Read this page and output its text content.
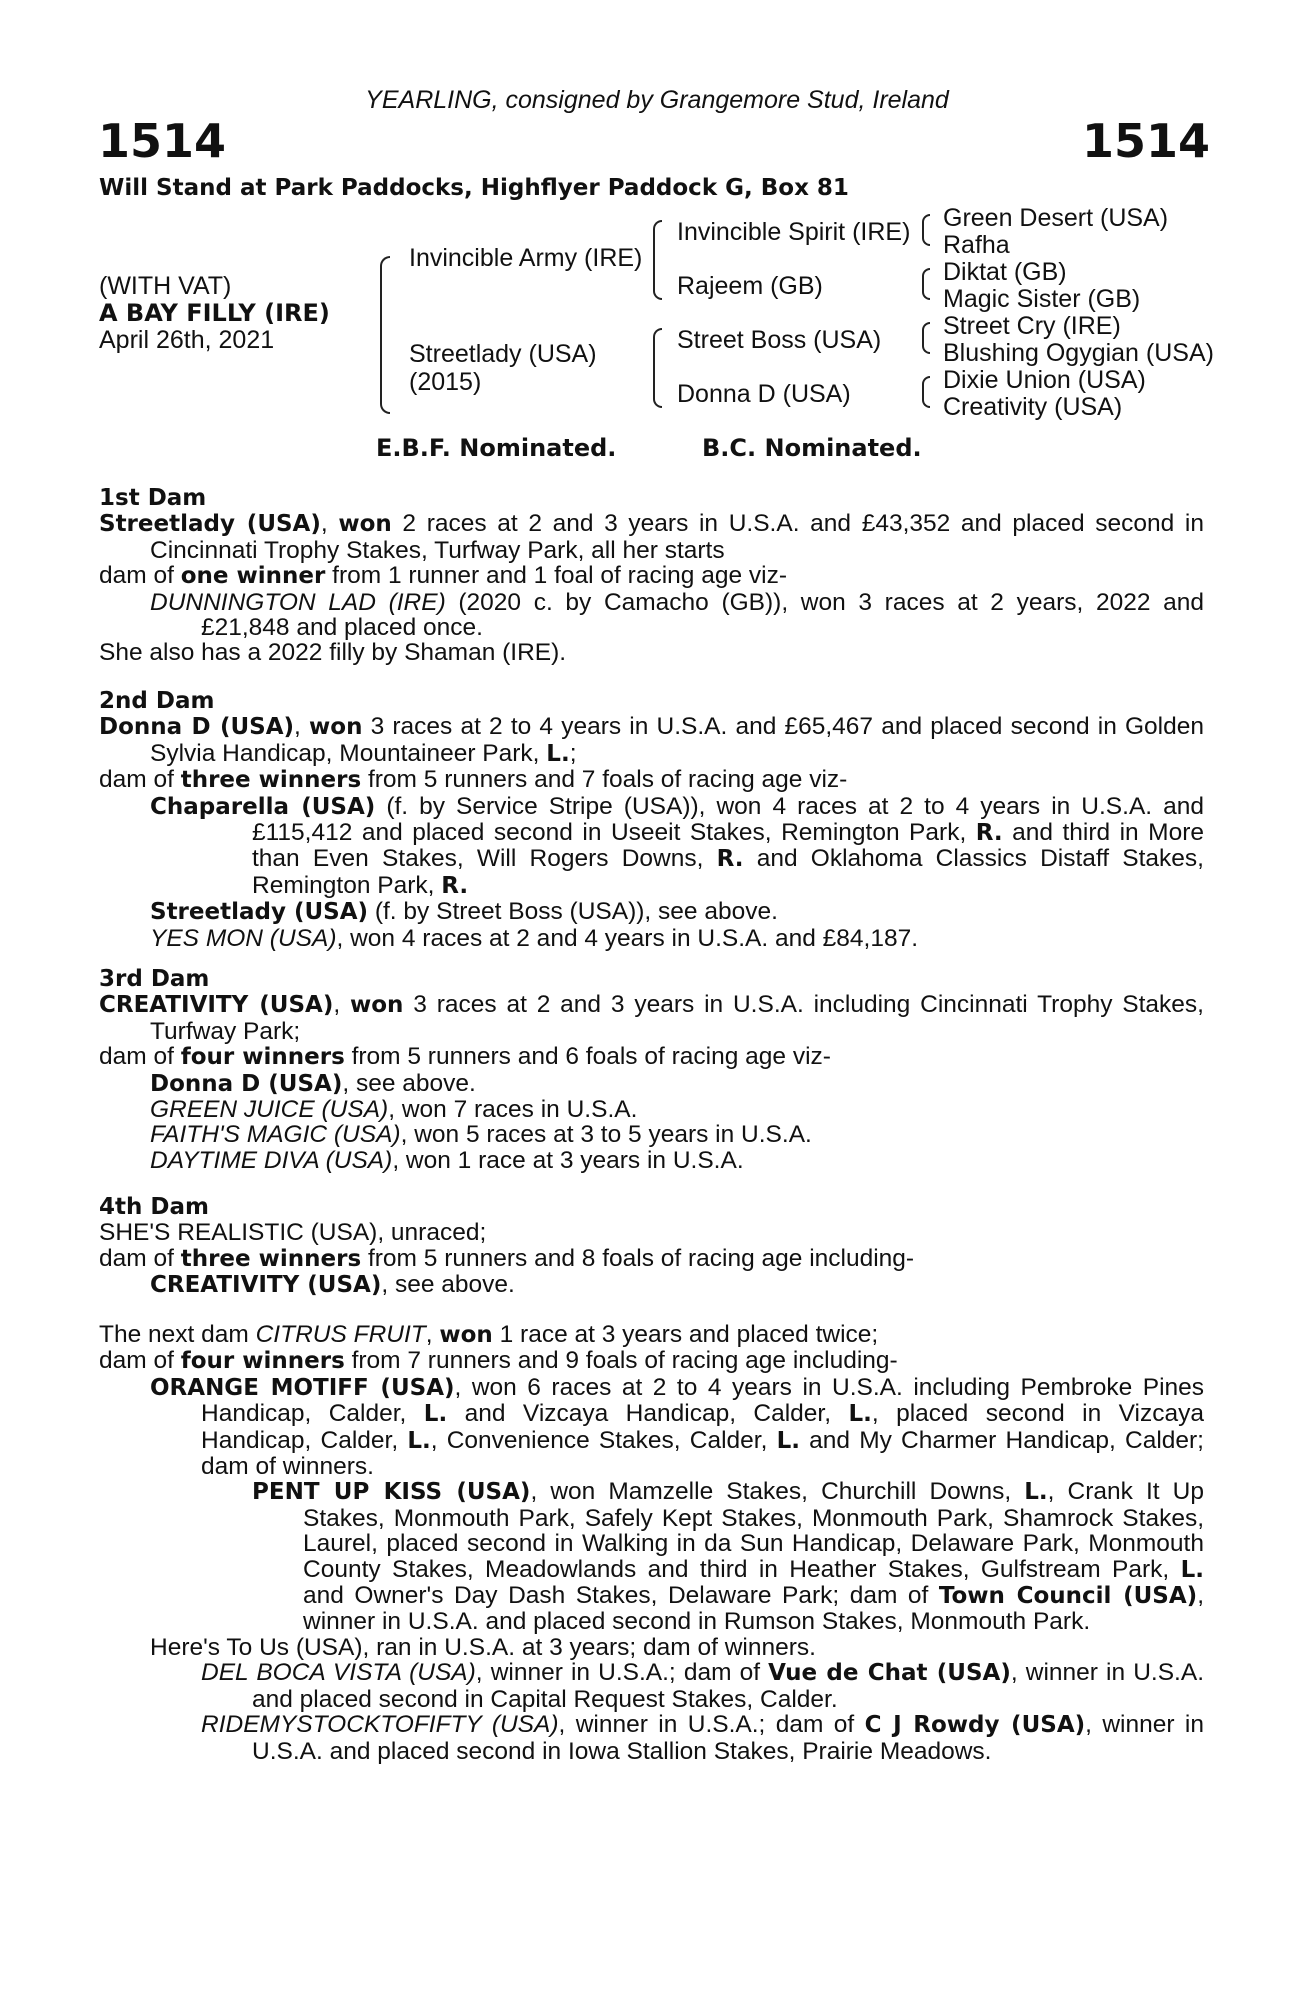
YEARLING, consigned by Grangemore Stud, Ireland
1514	1514
Will Stand at Park Paddocks, Highflyer Paddock G, Box 81
(WITH VAT)
A BAY FILLY (IRE)
April 26th, 2021
Invincible Army (IRE)
Streetlady (USA)
(2015)
Invincible Spirit (IRE)
Rajeem (GB)
Street Boss (USA)
Donna D (USA)
Green Desert (USA)
Rafha
Diktat (GB)
Magic Sister (GB)
Street Cry (IRE)
Blushing Ogygian (USA)
Dixie Union (USA)
Creativity (USA)
E.B.F. Nominated.	B.C. Nominated.

1st Dam

Streetlady (USA), won 2 races at 2 and 3 years in U.S.A. and £43,352 and placed second in Cincinnati Trophy Stakes, Turfway Park, all her starts

dam of one winner from 1 runner and 1 foal of racing age viz-

DUNNINGTON LAD (IRE) (2020 c. by Camacho (GB)), won 3 races at 2 years, 2022 and £21,848 and placed once.

She also has a 2022 filly by Shaman (IRE).

2nd Dam

Donna D (USA), won 3 races at 2 to 4 years in U.S.A. and £65,467 and placed second in Golden Sylvia Handicap, Mountaineer Park, L.;

dam of three winners from 5 runners and 7 foals of racing age viz-

Chaparella (USA) (f. by Service Stripe (USA)), won 4 races at 2 to 4 years in U.S.A. and £115,412 and placed second in Useeit Stakes, Remington Park, R. and third in More than Even Stakes, Will Rogers Downs, R. and Oklahoma Classics Distaff Stakes, Remington Park, R.

Streetlady (USA) (f. by Street Boss (USA)), see above.

YES MON (USA), won 4 races at 2 and 4 years in U.S.A. and £84,187.

3rd Dam

CREATIVITY (USA), won 3 races at 2 and 3 years in U.S.A. including Cincinnati Trophy Stakes, Turfway Park;

dam of four winners from 5 runners and 6 foals of racing age viz-

Donna D (USA), see above.

GREEN JUICE (USA), won 7 races in U.S.A.

FAITH'S MAGIC (USA), won 5 races at 3 to 5 years in U.S.A.

DAYTIME DIVA (USA), won 1 race at 3 years in U.S.A.

4th Dam

SHE'S REALISTIC (USA), unraced;

dam of three winners from 5 runners and 8 foals of racing age including-

CREATIVITY (USA), see above.

The next dam CITRUS FRUIT, won 1 race at 3 years and placed twice;

dam of four winners from 7 runners and 9 foals of racing age including-

ORANGE MOTIFF (USA), won 6 races at 2 to 4 years in U.S.A. including Pembroke Pines Handicap, Calder, L. and Vizcaya Handicap, Calder, L., placed second in Vizcaya Handicap, Calder, L., Convenience Stakes, Calder, L. and My Charmer Handicap, Calder; dam of winners.

PENT UP KISS (USA), won Mamzelle Stakes, Churchill Downs, L., Crank It Up Stakes, Monmouth Park, Safely Kept Stakes, Monmouth Park, Shamrock Stakes, Laurel, placed second in Walking in da Sun Handicap, Delaware Park, Monmouth County Stakes, Meadowlands and third in Heather Stakes, Gulfstream Park, L. and Owner's Day Dash Stakes, Delaware Park; dam of Town Council (USA), winner in U.S.A. and placed second in Rumson Stakes, Monmouth Park.

Here's To Us (USA), ran in U.S.A. at 3 years; dam of winners.

DEL BOCA VISTA (USA), winner in U.S.A.; dam of Vue de Chat (USA), winner in U.S.A. and placed second in Capital Request Stakes, Calder.

RIDEMYSTOCKTOFIFTY (USA), winner in U.S.A.; dam of C J Rowdy (USA), winner in U.S.A. and placed second in Iowa Stallion Stakes, Prairie Meadows.
